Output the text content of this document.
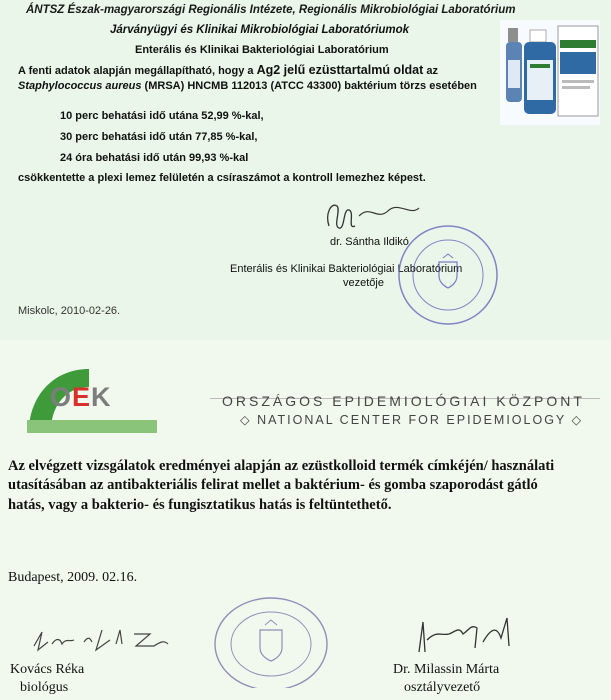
ÁNTSZ Észak-magyarországi Regionális Intézete, Regionális Mikrobiológiai Laboratórium
Járványügyi és Klinikai Mikrobiológiai Laboratóriumok
Enterális és Klinikai Bakteriológiai Laboratórium
A fenti adatok alapján megállapítható, hogy a Ag2 jelű ezüsttartalmú oldat az
Staphylococcus aureus (MRSA) HNCMB 112013 (ATCC 43300) baktérium törzs esetében
10 perc behatási idő utána 52,99 %-kal,
30 perc behatási idő után 77,85 %-kal,
24 óra behatási idő után 99,93 %-kal
csökkentette a plexi lemez felületén a csíraszámot a kontroll lemezhez képest.
dr. Sántha Ildikó
Enterális és Klinikai Bakteriológiai Laboratórium
vezetője
Miskolc, 2010-02-26.
OEK	ORSZÁGOS EPIDEMIOLÓGIAI KÖZPONT
◇ NATIONAL CENTER FOR EPIDEMIOLOGY ◇
Az elvégzett vizsgálatok eredményei alapján az ezüstkolloid termék címkéjén/ használati
utasításában az antibakteriális felirat mellet a baktérium- és gomba szaporodást gátló
hatás, vagy a bakterio- és fungisztatikus hatás is feltüntethető.
Budapest, 2009. 02.16.
Kovács Réka
biológus
Dr. Milassin Márta
osztályvezető
